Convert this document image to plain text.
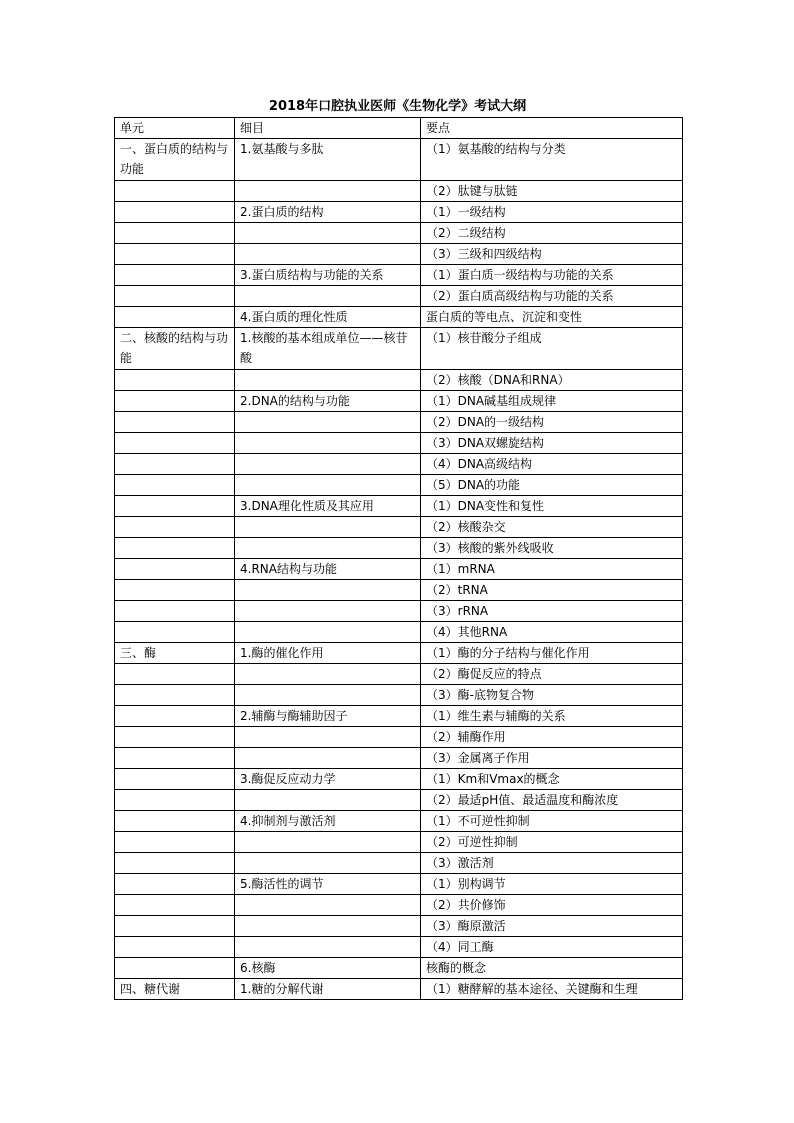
2018年口腔执业医师《生物化学》考试大纲
单元	细目	要点
一、蛋白质的结构与功能	1.氨基酸与多肽	（1）氨基酸的结构与分类
		（2）肽键与肽链
	2.蛋白质的结构	（1）一级结构
		（2）二级结构
		（3）三级和四级结构
	3.蛋白质结构与功能的关系	（1）蛋白质一级结构与功能的关系
		（2）蛋白质高级结构与功能的关系
	4.蛋白质的理化性质	蛋白质的等电点、沉淀和变性
二、核酸的结构与功能	1.核酸的基本组成单位——核苷酸	（1）核苷酸分子组成
		（2）核酸（DNA和RNA）
	2.DNA的结构与功能	（1）DNA碱基组成规律
		（2）DNA的一级结构
		（3）DNA双螺旋结构
		（4）DNA高级结构
		（5）DNA的功能
	3.DNA理化性质及其应用	（1）DNA变性和复性
		（2）核酸杂交
		（3）核酸的紫外线吸收
	4.RNA结构与功能	（1）mRNA
		（2）tRNA
		（3）rRNA
		（4）其他RNA
三、酶	1.酶的催化作用	（1）酶的分子结构与催化作用
		（2）酶促反应的特点
		（3）酶-底物复合物
	2.辅酶与酶辅助因子	（1）维生素与辅酶的关系
		（2）辅酶作用
		（3）金属离子作用
	3.酶促反应动力学	（1）Km和Vmax的概念
		（2）最适pH值、最适温度和酶浓度
	4.抑制剂与激活剂	（1）不可逆性抑制
		（2）可逆性抑制
		（3）激活剂
	5.酶活性的调节	（1）别构调节
		（2）共价修饰
		（3）酶原激活
		（4）同工酶
	6.核酶	核酶的概念
四、糖代谢	1.糖的分解代谢	（1）糖酵解的基本途径、关键酶和生理
